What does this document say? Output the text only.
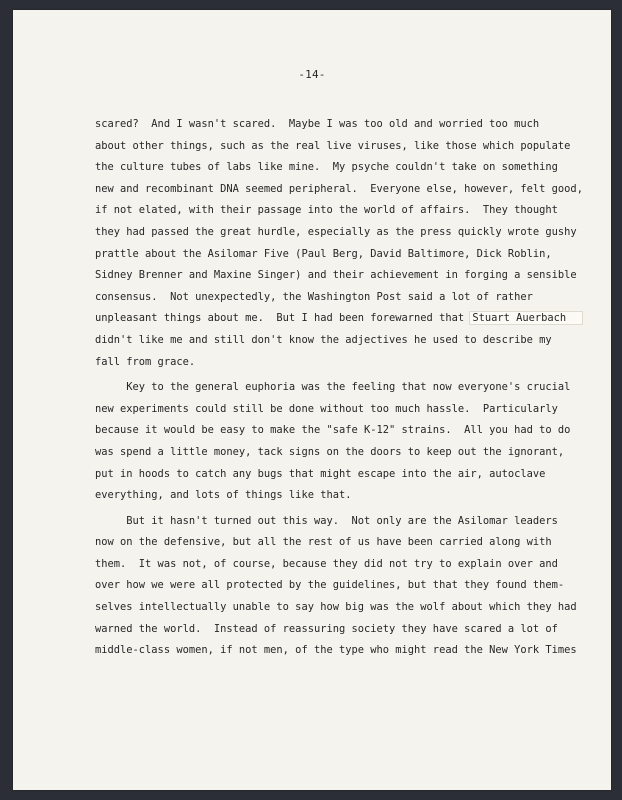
-14-
scared?  And I wasn't scared.  Maybe I was too old and worried too much
about other things, such as the real live viruses, like those which populate
the culture tubes of labs like mine.  My psyche couldn't take on something
new and recombinant DNA seemed peripheral.  Everyone else, however, felt good,
if not elated, with their passage into the world of affairs.  They thought
they had passed the great hurdle, especially as the press quickly wrote gushy
prattle about the Asilomar Five (Paul Berg, David Baltimore, Dick Roblin,
Sidney Brenner and Maxine Singer) and their achievement in forging a sensible
consensus.  Not unexpectedly, the Washington Post said a lot of rather
unpleasant things about me.  But I had been forewarned that Stuart Auerbach
didn't like me and still don't know the adjectives he used to describe my
fall from grace.
Key to the general euphoria was the feeling that now everyone's crucial
new experiments could still be done without too much hassle.  Particularly
because it would be easy to make the "safe K-12" strains.  All you had to do
was spend a little money, tack signs on the doors to keep out the ignorant,
put in hoods to catch any bugs that might escape into the air, autoclave
everything, and lots of things like that.
But it hasn't turned out this way.  Not only are the Asilomar leaders
now on the defensive, but all the rest of us have been carried along with
them.  It was not, of course, because they did not try to explain over and
over how we were all protected by the guidelines, but that they found them-
selves intellectually unable to say how big was the wolf about which they had
warned the world.  Instead of reassuring society they have scared a lot of
middle-class women, if not men, of the type who might read the New York Times
